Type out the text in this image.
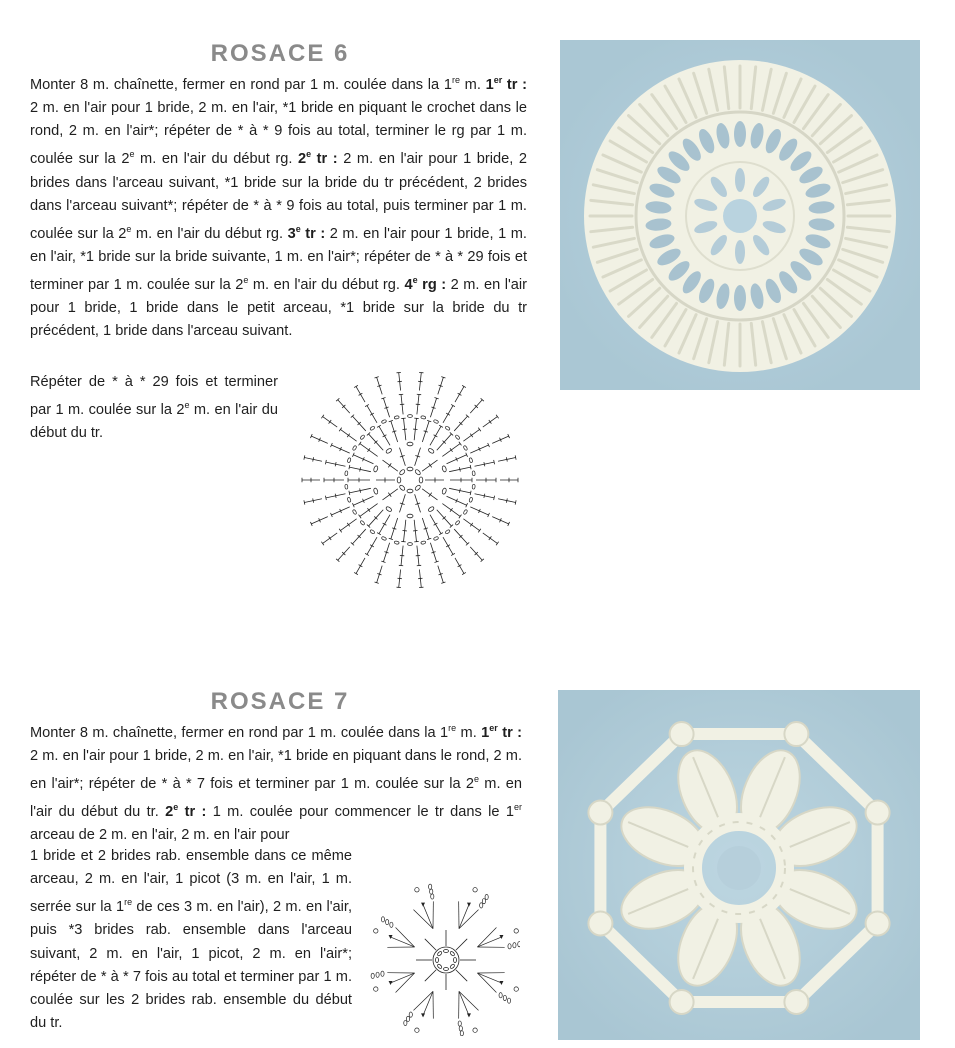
ROSACE 6

Monter 8 m. chaînette, fermer en rond par 1 m. coulée dans la 1re m. 1er tr : 2 m. en l'air pour 1 bride, 2 m. en l'air, *1 bride en piquant le crochet dans le rond, 2 m. en l'air*; répéter de * à * 9 fois au total, terminer le rg par 1 m. coulée sur la 2e m. en l'air du début rg. 2e tr : 2 m. en l'air pour 1 bride, 2 brides dans l'arceau suivant, *1 bride sur la bride du tr précédent, 2 brides dans l'arceau suivant*; répéter de * à * 9 fois au total, puis terminer par 1 m. coulée sur la 2e m. en l'air du début rg. 3e tr : 2 m. en l'air pour 1 bride, 1 m. en l'air, *1 bride sur la bride suivante, 1 m. en l'air*; répéter de * à * 29 fois et terminer par 1 m. coulée sur la 2e m. en l'air du début rg. 4e rg : 2 m. en l'air pour 1 bride, 1 bride dans le petit arceau, *1 bride sur la bride du tr précédent, 1 bride dans l'arceau suivant.

Répéter de * à * 29 fois et terminer par 1 m. coulée sur la 2e m. en l'air du début du tr.

ROSACE 7

Monter 8 m. chaînette, fermer en rond par 1 m. coulée dans la 1re m. 1er tr : 2 m. en l'air pour 1 bride, 2 m. en l'air, *1 bride en piquant dans le rond, 2 m. en l'air*; répéter de * à * 7 fois et terminer par 1 m. coulée sur la 2e m. en l'air du début du tr. 2e tr : 1 m. coulée pour commencer le tr dans le 1er arceau de 2 m. en l'air, 2 m. en l'air pour

1 bride et 2 brides rab. ensemble dans ce même arceau, 2 m. en l'air, 1 picot (3 m. en l'air, 1 m. serrée sur la 1re de ces 3 m. en l'air), 2 m. en l'air, puis *3 brides rab. ensemble dans l'arceau suivant, 2 m. en l'air, 1 picot, 2 m. en l'air*; répéter de * à * 7 fois au total et terminer par 1 m. coulée sur les 2 brides rab. ensemble du début du tr.
